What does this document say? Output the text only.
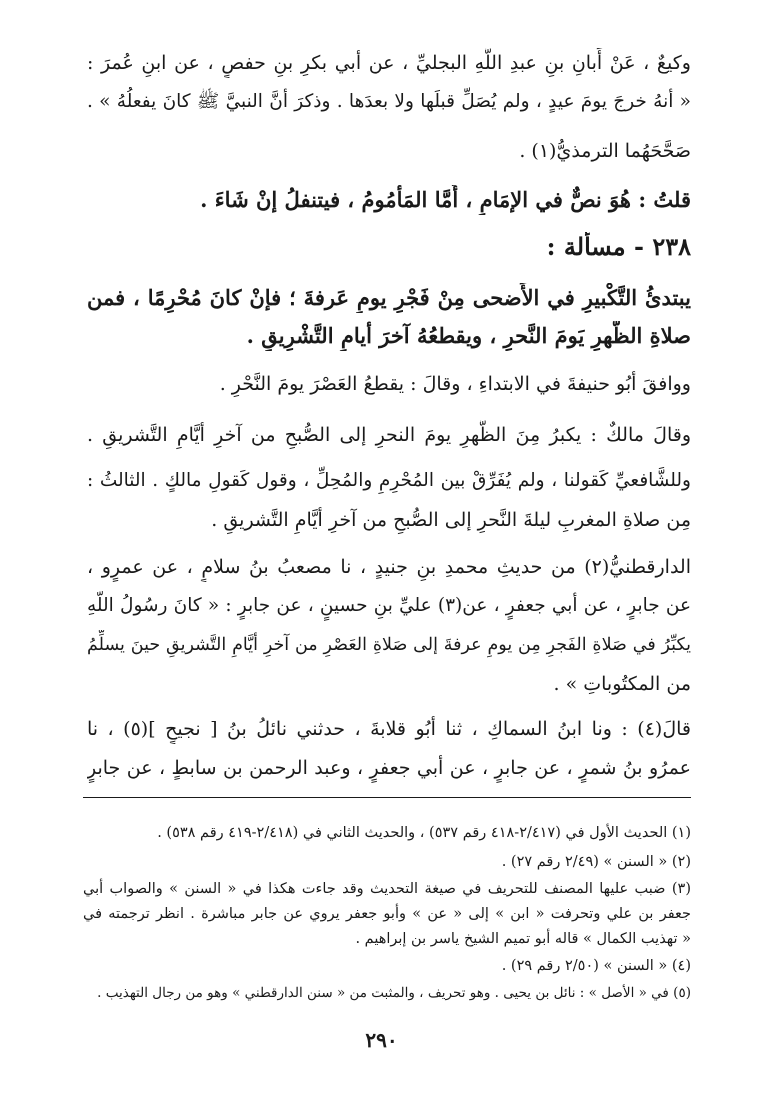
وكيعٌ ، عَنْ أَبانِ بنِ عبدِ اللَّهِ البجليِّ ، عن أبي بكرِ بنِ حفصٍ ، عن ابنِ عُمرَ :
« أنهُ خرجَ يومَ عيدٍ ، ولم يُصَلِّ قبلَها ولا بعدَها . وذكرَ أنَّ النبيَّ ﷺ كانَ يفعلُهُ » .
صَحَّحَهُما الترمذيُّ(١) .
قلتُ : هُوَ نصٌّ في الإمَامِ ، أَمَّا المَأْمُومُ ، فيتنفلُ إنْ شَاءَ .
٢٣٨ - مسألة :
يبتدئُ التَّكْبيرِ في الأَضحى مِنْ فَجْرِ يومِ عَرفةَ ؛ فإنْ كانَ مُحْرِمًا ، فمن
صلاةِ الظُّهرِ يَومَ النَّحرِ ، ويقطعُهُ آخرَ أيامِ التَّشْرِيقِ .
ووافقَ أبُو حنيفةَ في الابتداءِ ، وقالَ : يقطعُ العَصْرَ يومَ النَّحْرِ .
وقالَ مالكٌ : يكبرُ مِنَ الظُّهرِ يومَ النحرِ إلى الصُّبحِ من آخرِ أيَّامِ التَّشريقِ .
وللشَّافعيِّ كَقولنا ، ولم يُفَرِّقْ بين المُحْرِمِ والمُحِلِّ ، وقول كَقولِ مالكٍ . الثالثُ :
مِن صلاةِ المغربِ ليلةَ النَّحرِ إلى الصُّبحِ من آخرِ أيَّامِ التَّشريقِ .
الدارقطنيُّ(٢) من حديثِ محمدِ بنِ جنيدٍ ، نا مصعبُ بنُ سلامٍ ، عن عمرٍو ،
عن جابرٍ ، عن أبي جعفرٍ ، عن(٣) عليِّ بنِ حسينٍ ، عن جابرٍ : « كانَ رسُولُ اللَّهِ
يكبِّرُ في صَلاةِ الفَجرِ مِن يومِ عرفةَ إلى صَلاةِ العَصْرِ من آخرِ أيَّامِ التَّشريقِ حينَ يسلِّمُ
من المكتُوباتِ » .
قالَ(٤) : ونا ابنُ السماكِ ، ثنا أبُو قلابةَ ، حدثني نائلُ بنُ [ نجيحٍ ](٥) ، نا
عمرُو بنُ شمرٍ ، عن جابرٍ ، عن أبي جعفرٍ ، وعبد الرحمن بن سابطٍ ، عن جابرٍ
(١) الحديث الأول في (٢/٤١٧-٤١٨ رقم ٥٣٧) ، والحديث الثاني في (٢/٤١٨-٤١٩ رقم ٥٣٨) .
(٢) « السنن » (٢/٤٩ رقم ٢٧) .
(٣) ضبب عليها المصنف للتحريف في صيغة التحديث وقد جاءت هكذا في « السنن » والصواب أبي
جعفر بن علي وتحرفت « ابن » إلى « عن » وأبو جعفر يروي عن جابر مباشرة . انظر ترجمته في
« تهذيب الكمال » قاله أبو تميم الشيخ ياسر بن إبراهيم .
(٤) « السنن » (٢/٥٠ رقم ٢٩) .
(٥) في « الأصل » : نائل بن يحيى . وهو تحريف ، والمثبت من « سنن الدارقطني » وهو من رجال التهذيب .
٢٩٠
